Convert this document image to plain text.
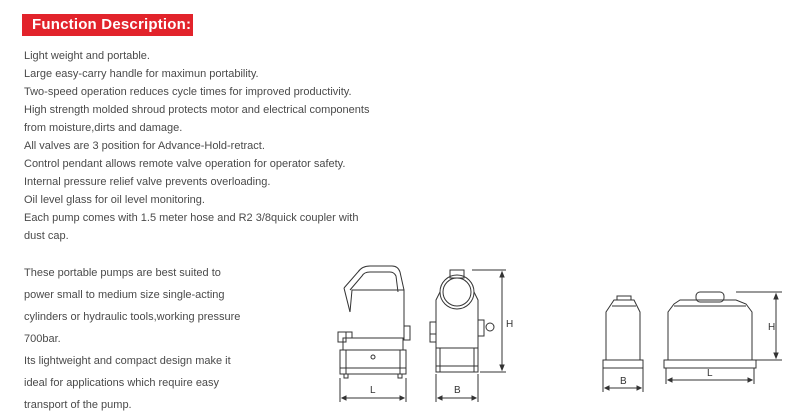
Function Description:
Light weight and portable.
Large easy-carry handle for maximun portability.
Two-speed operation reduces cycle times for improved productivity.
High strength molded shroud protects motor and electrical components
from moisture,dirts and damage.
All valves are 3 position for Advance-Hold-retract.
Control pendant allows remote valve operation for operator safety.
Internal pressure relief valve prevents overloading.
Oil level glass for oil level monitoring.
Each pump comes with 1.5 meter hose and R2 3/8quick coupler with
dust cap.

These portable pumps are best suited to

power small to medium size single-acting

cylinders or hydraulic tools,working pressure

700bar.

Its lightweight and compact design make it

ideal for applications which require easy

transport of the pump.

L	B
H
B
L
H
